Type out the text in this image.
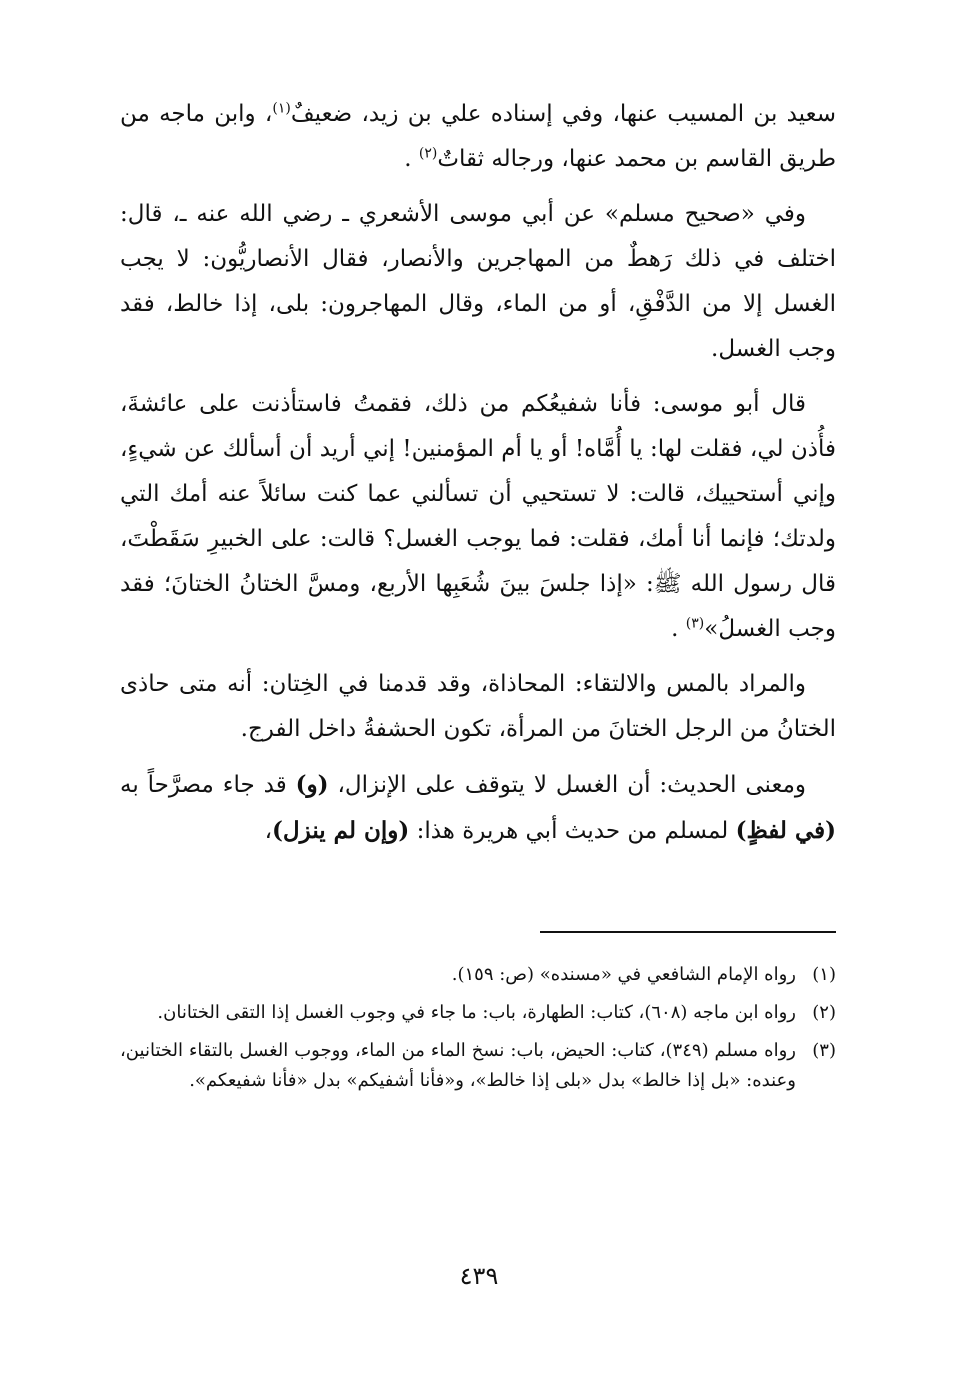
سعيد بن المسيب عنها، وفي إسناده علي بن زيد، ضعيفٌ$^{(١)}$، وابن ماجه من طريق القاسم بن محمد عنها، ورجاله ثقاتٌ$^{(٢)}$ .

وفي «صحيح مسلم» عن أبي موسى الأشعري ـ رضي الله عنه ـ، قال: اختلف في ذلك رَهطٌ من المهاجرين والأنصار، فقال الأنصاريُّون: لا يجب الغسل إلا من الدَّفْقِ، أو من الماء، وقال المهاجرون: بلى، إذا خالط، فقد وجب الغسل.

قال أبو موسى: فأنا شفيعُكم من ذلك، فقمتُ فاستأذنت على عائشةَ، فأُذن لي، فقلت لها: يا أُمَّاه! أو يا أم المؤمنين! إني أريد أن أسألك عن شيءٍ، وإني أستحييك، قالت: لا تستحيي أن تسألني عما كنت سائلاً عنه أمك التي ولدتك؛ فإنما أنا أمك، فقلت: فما يوجب الغسل؟ قالت: على الخبيرِ سَقَطْتَ، قال رسول الله ﷺ: «إذا جلسَ بينَ شُعَبِها الأربع، ومسَّ الختانُ الختانَ؛ فقد وجب الغسلُ»$^{(٣)}$ .

والمراد بالمس والالتقاء: المحاذاة، وقد قدمنا في الخِتان: أنه متى حاذى الختانُ من الرجل الختانَ من المرأة، تكون الحشفةُ داخل الفرج.

ومعنى الحديث: أن الغسل لا يتوقف على الإنزال، (و) قد جاء مصرَّحاً به (في لفظٍ) لمسلم من حديث أبي هريرة هذا: (وإن لم ينزل)،

(١)
رواه الإمام الشافعي في «مسنده» (ص: ١٥٩).
(٢)
رواه ابن ماجه (٦٠٨)، كتاب: الطهارة، باب: ما جاء في وجوب الغسل إذا التقى الختانان.
(٣)
رواه مسلم (٣٤٩)، كتاب: الحيض، باب: نسخ الماء من الماء، ووجوب الغسل بالتقاء الختانين، وعنده: «بل إذا خالط» بدل «بلى إذا خالط»، و«فأنا أشفيكم» بدل «فأنا شفيعكم».
٤٣٩
